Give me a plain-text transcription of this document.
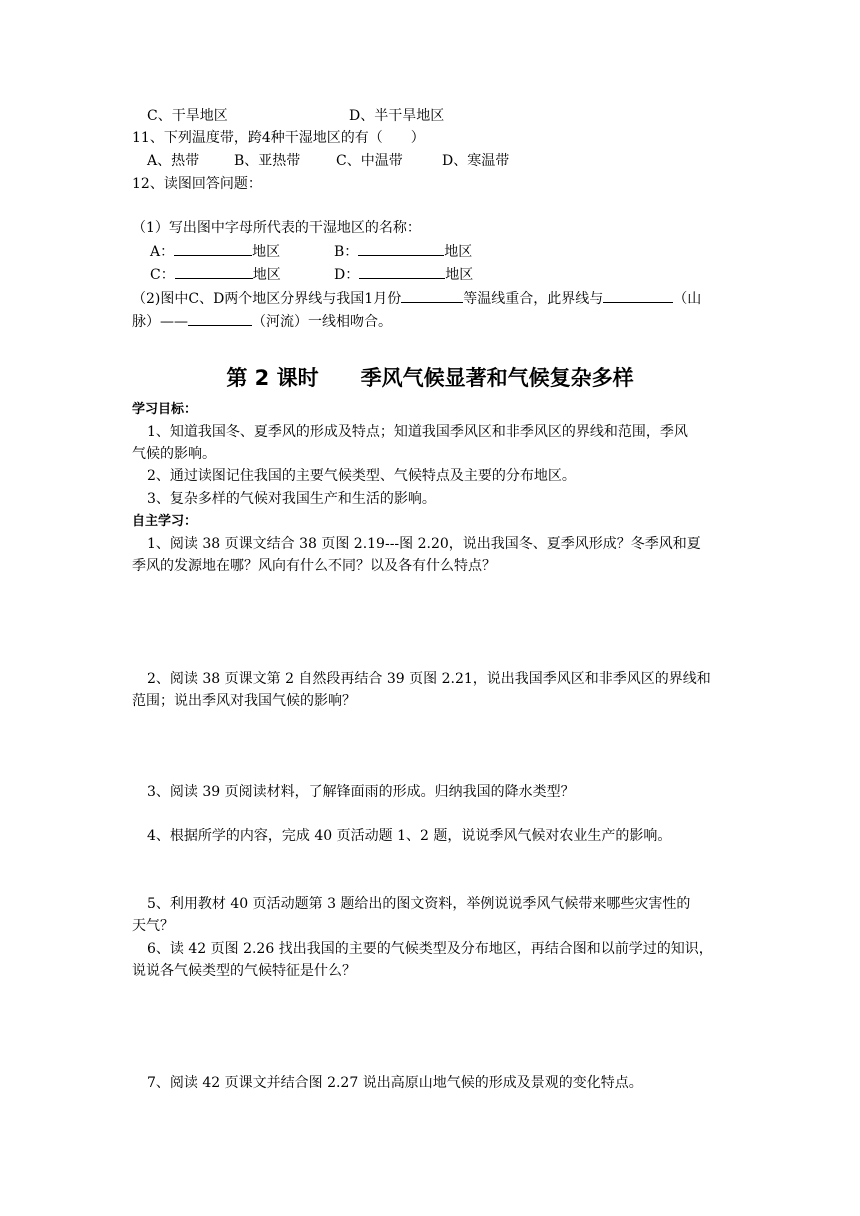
C、干旱地区	D、半干旱地区
11、下列温度带，跨4种干湿地区的有（　　）
A、热带 B、亚热带	C、中温带	D、寒温带
12、读图回答问题：
（1）写出图中字母所代表的干湿地区的名称：
A：	地区	B：	地区
C：	地区	D：	地区
（2)图中C、D两个地区分界线与我国1月份	等温线重合，此界线与	（山
脉）——	（河流）一线相吻合。
第 2 课时　　季风气候显著和气候复杂多样
学习目标：
1、知道我国冬、夏季风的形成及特点；知道我国季风区和非季风区的界线和范围，季风
气候的影响。
2、通过读图记住我国的主要气候类型、气候特点及主要的分布地区。
3、复杂多样的气候对我国生产和生活的影响。
自主学习：
1、阅读 38 页课文结合 38 页图 2.19---图 2.20，说出我国冬、夏季风形成？冬季风和夏
季风的发源地在哪？风向有什么不同？以及各有什么特点？
2、阅读 38 页课文第 2 自然段再结合 39 页图 2.21，说出我国季风区和非季风区的界线和
范围；说出季风对我国气候的影响？
3、阅读 39 页阅读材料，了解锋面雨的形成。归纳我国的降水类型？
4、根据所学的内容，完成 40 页活动题 1、2 题，说说季风气候对农业生产的影响。
5、利用教材 40 页活动题第 3 题给出的图文资料，举例说说季风气候带来哪些灾害性的
天气？
6、读 42 页图 2.26 找出我国的主要的气候类型及分布地区，再结合图和以前学过的知识，
说说各气候类型的气候特征是什么？
7、阅读 42 页课文并结合图 2.27 说出高原山地气候的形成及景观的变化特点。
